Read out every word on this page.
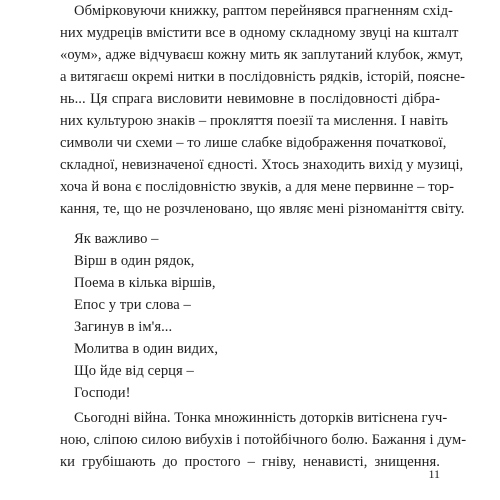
Обмірковуючи книжку, раптом перейнявся прагненням схід-
них мудреців вмістити все в одному складному звуці на кшталт
«оум», адже відчуваєш кожну мить як заплутаний клубок, жмут,
а витягаєш окремі нитки в послідовність рядків, історій, поясне-
нь... Ця спрага висловити невимовне в послідовності дібра-
них культурою знаків – прокляття поезії та мислення. І навіть
символи чи схеми – то лише слабке відображення початкової,
складної, невизначеної єдності. Хтось знаходить вихід у музиці,
хоча й вона є послідовністю звуків, а для мене первинне – тор-
кання, те, що не розчленовано, що являє мені різноманіття світу.
Як важливо –
Вірш в один рядок,
Поема в кілька віршів,
Епос у три слова –
Загинув в ім'я...
Молитва в один видих,
Що йде від серця –
Господи!
Сьогодні війна. Тонка множинність доторків витіснена гуч-
ною, сліпою силою вибухів і потойбічного болю. Бажання і дум-
ки грубішають до простого – гніву, ненависті, знищення.
11
